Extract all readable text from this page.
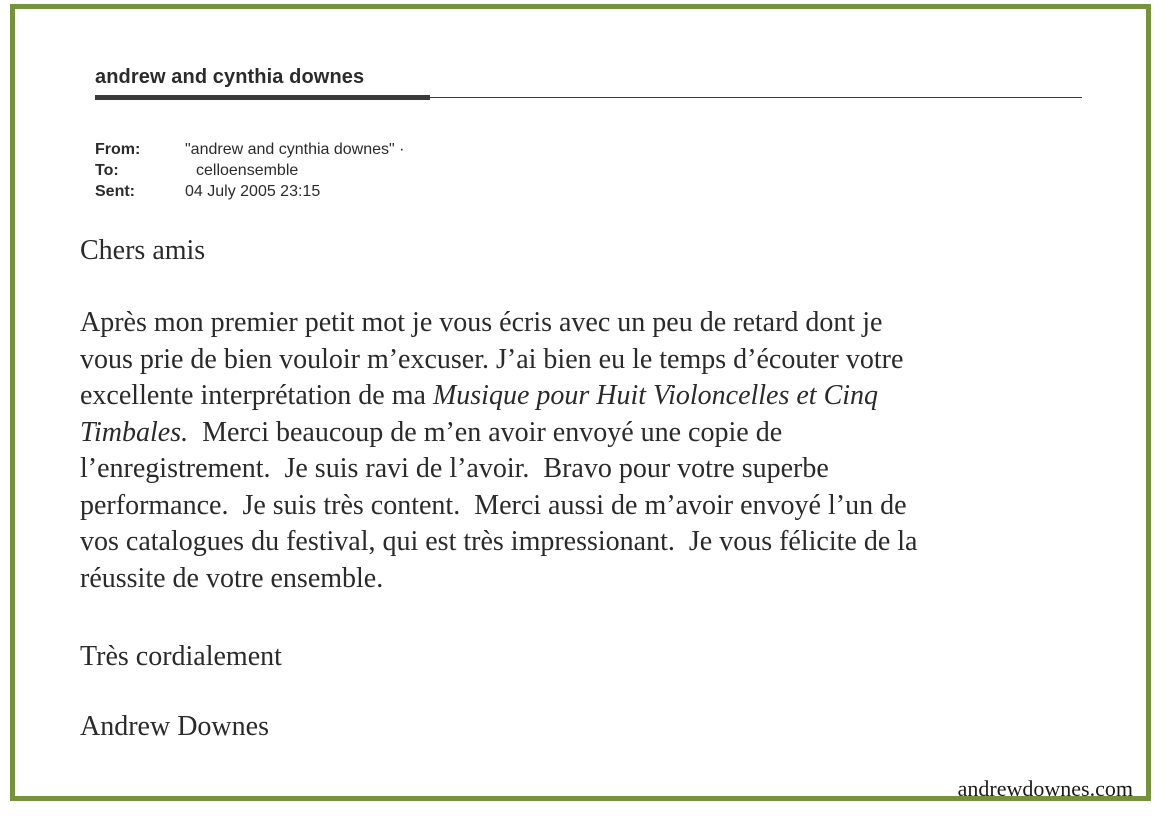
andrew and cynthia downes
From:	"andrew and cynthia downes" ·
To:	celloensemble
Sent:	04 July 2005 23:15
Chers amis
Après mon premier petit mot je vous écris avec un peu de retard dont je
vous prie de bien vouloir m’excuser. J’ai bien eu le temps d’écouter votre
excellente interprétation de ma Musique pour Huit Violoncelles et Cinq
Timbales.  Merci beaucoup de m’en avoir envoyé une copie de
l’enregistrement.  Je suis ravi de l’avoir.  Bravo pour votre superbe
performance.  Je suis très content.  Merci aussi de m’avoir envoyé l’un de
vos catalogues du festival, qui est très impressionant.  Je vous félicite de la
réussite de votre ensemble.
Très cordialement
Andrew Downes
andrewdownes.com
